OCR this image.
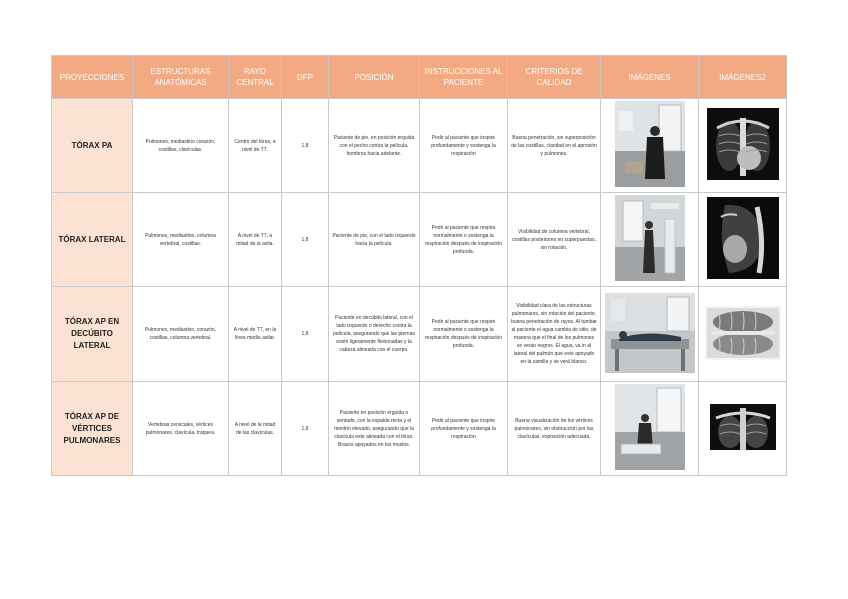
PROYECCIONES	ESTRUCTURAS ANATÓMICAS	RAYO CENTRAL	DFP	POSICIÓN	INSTRUCCIONES AL PACIENTE	CRITERIOS DE CALIDAD	IMÁGENES	IMÁGENES2
TÓRAX PA	Pulmones, mediastino corazón, costillas, clavículas.	Centro del tórax, a nivel de T7.	1,8	Paciente de pie, en posición erguida con el pecho contra la película, hombros hacia adelante.	Pedir al paciente que inspire profundamente y sostenga la respiración	Buena penetración, sin superposición de las costillas, claridad en el aproxión y pulmones.		
TÓRAX LATERAL	Pulmones, mediastino, columna vertebral, costillas.	A nivel de T7, a mitad de la axila.	1,8	Paciente de pie, con el lado izquierdo hacia la película.	Pedir al paciente que respira normalmente o sostenga la respiración después de inspiración profunda.	Visibilidad de columna vertebral, costillas posteriores no superpuestas, sin rotación.		
TÓRAX AP EN DECÚBITO LATERAL	Pulmones, mediastino, corazón, costillas, columna vertebral.	A nivel de T7, en la línea media axilar.	1,8	Paciente en decúbito lateral, con el lado izquierdo o derecho contra la película, asegurando que las piernas estén ligeramente flexionadas y la cabeza alineada con el cuerpo.	Pedir al paciente que respire normalmente o sostenga la respiración después de inspiración profunda.	Visibilidad clara de las estructuras pulmonares, sin rotación del paciente, buena penetración de rayos. Al tumbar al paciente el agua cambia de sitio, de manera que el final de los pulmones se verán negros. El agua, va in al lateral del pulmón que este apoyado en la camilla y se verá blanco.		
TÓRAX AP DE VÉRTICES PULMONARES	Vertebras cervicales, vértices pulmonares, clavícula, traquea.	A nivel de la mitad de las clavículas.	1,8	Paciente en posición erguida o sentado, con la espalda recta y el mentón elevado, asegurando que la clavícula este alineada con el tórax. Brazos apoyados en los muslos.	Pedir al paciente que inspire profundamente y sostenga la respiración	Buena visualización de los vértices pulmonares, sin obstrucción por las clavículas, exposición adecuada.		
